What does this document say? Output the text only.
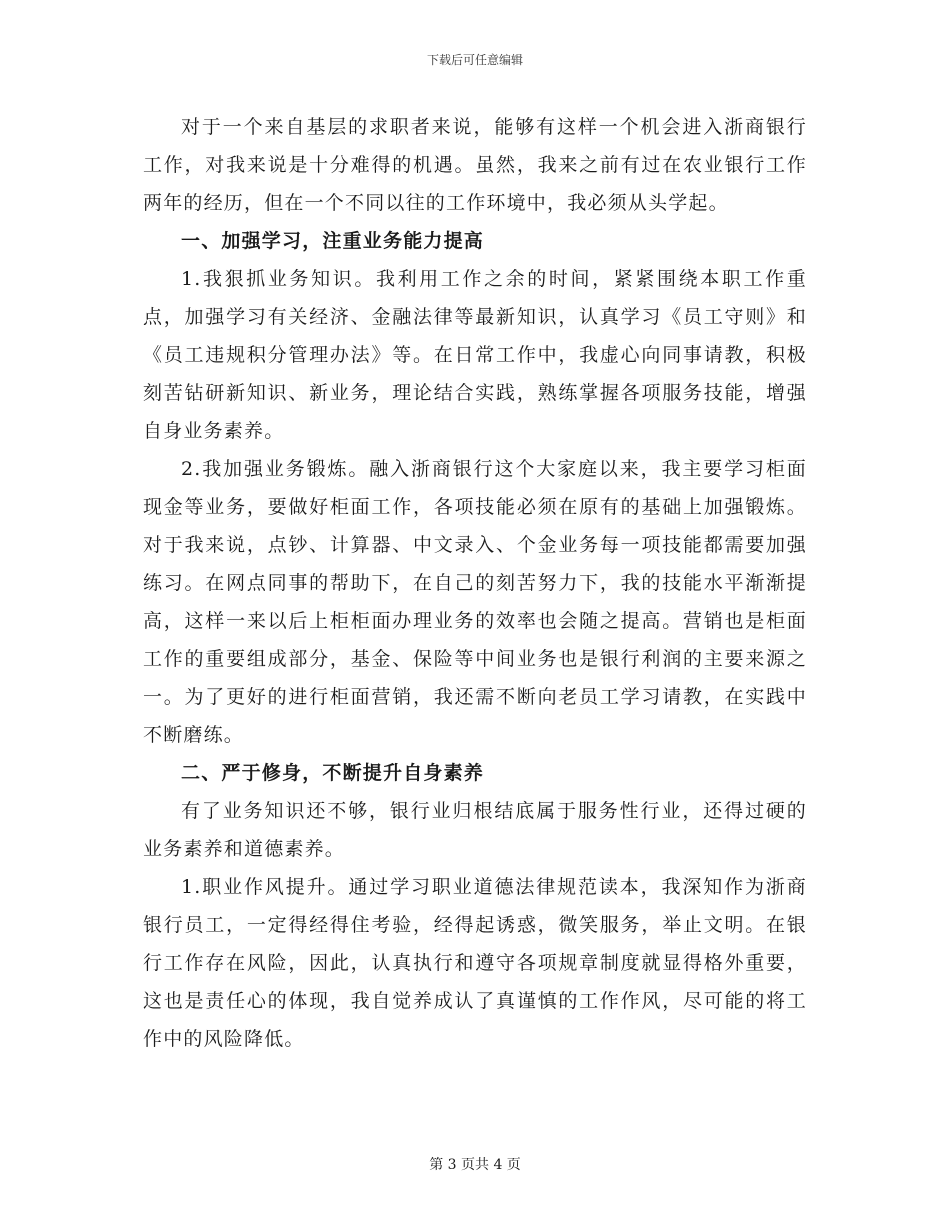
下载后可任意编辑

对于一个来自基层的求职者来说，能够有这样一个机会进入浙商银行工作，对我来说是十分难得的机遇。虽然，我来之前有过在农业银行工作两年的经历，但在一个不同以往的工作环境中，我必须从头学起。

一、加强学习，注重业务能力提高

1.我狠抓业务知识。我利用工作之余的时间，紧紧围绕本职工作重点，加强学习有关经济、金融法律等最新知识，认真学习《员工守则》和《员工违规积分管理办法》等。在日常工作中，我虚心向同事请教，积极刻苦钻研新知识、新业务，理论结合实践，熟练掌握各项服务技能，增强自身业务素养。

2.我加强业务锻炼。融入浙商银行这个大家庭以来，我主要学习柜面现金等业务，要做好柜面工作，各项技能必须在原有的基础上加强锻炼。对于我来说，点钞、计算器、中文录入、个金业务每一项技能都需要加强练习。在网点同事的帮助下，在自己的刻苦努力下，我的技能水平渐渐提高，这样一来以后上柜柜面办理业务的效率也会随之提高。营销也是柜面工作的重要组成部分，基金、保险等中间业务也是银行利润的主要来源之一。为了更好的进行柜面营销，我还需不断向老员工学习请教，在实践中不断磨练。

二、严于修身，不断提升自身素养

有了业务知识还不够，银行业归根结底属于服务性行业，还得过硬的业务素养和道德素养。

1.职业作风提升。通过学习职业道德法律规范读本，我深知作为浙商银行员工，一定得经得住考验，经得起诱惑，微笑服务，举止文明。在银行工作存在风险，因此，认真执行和遵守各项规章制度就显得格外重要，这也是责任心的体现，我自觉养成认了真谨慎的工作作风，尽可能的将工作中的风险降低。

第 3 页共 4 页
